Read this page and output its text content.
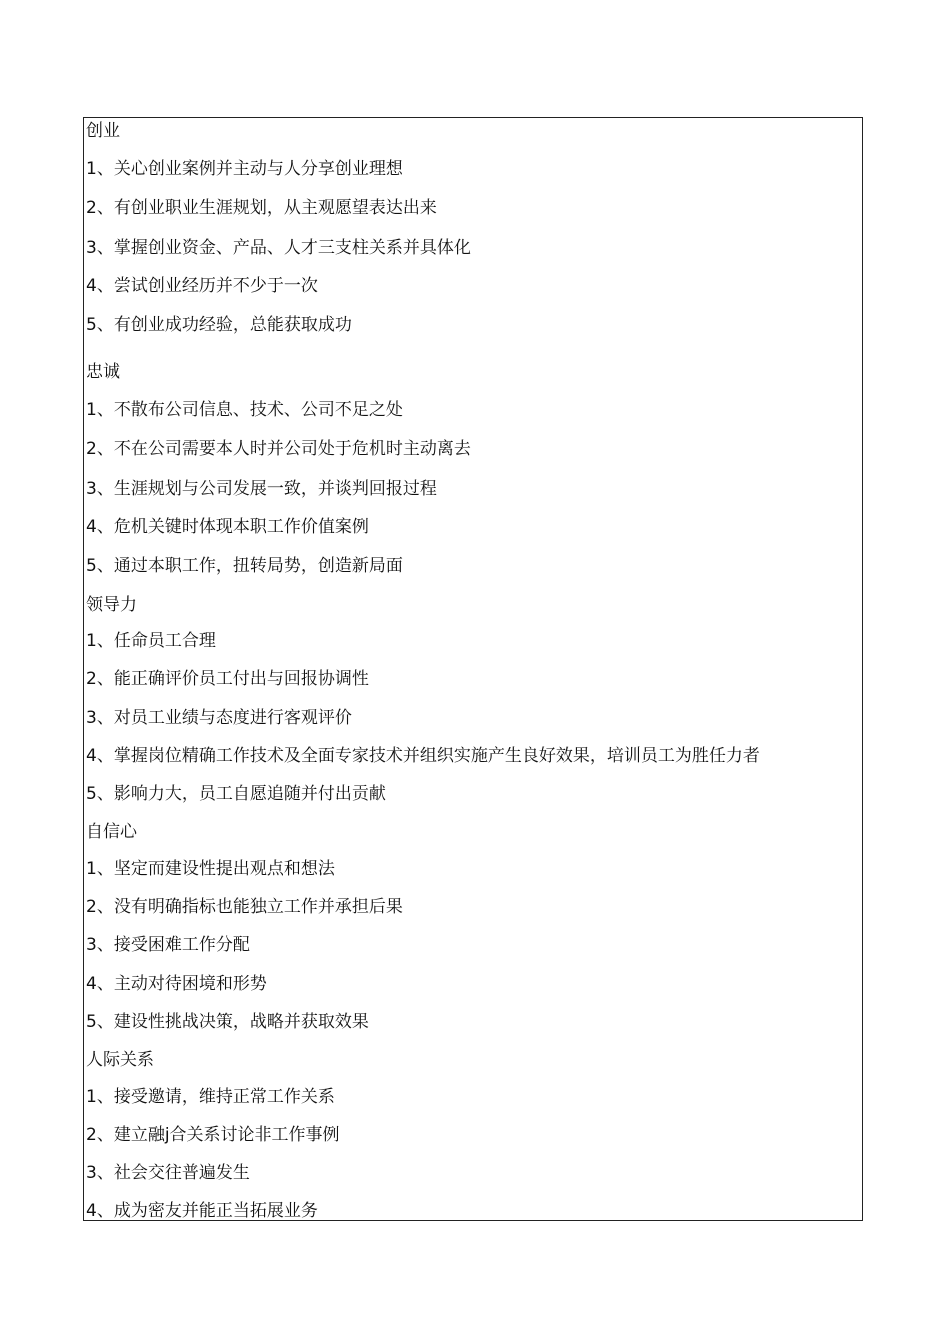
创业
1、关心创业案例并主动与人分享创业理想
2、有创业职业生涯规划，从主观愿望表达出来
3、掌握创业资金、产品、人才三支柱关系并具体化
4、尝试创业经历并不少于一次
5、有创业成功经验，总能获取成功
忠诚
1、不散布公司信息、技术、公司不足之处
2、不在公司需要本人时并公司处于危机时主动离去
3、生涯规划与公司发展一致，并谈判回报过程
4、危机关键时体现本职工作价值案例
5、通过本职工作，扭转局势，创造新局面
领导力
1、任命员工合理
2、能正确评价员工付出与回报协调性
3、对员工业绩与态度进行客观评价
4、掌握岗位精确工作技术及全面专家技术并组织实施产生良好效果，培训员工为胜任力者
5、影响力大，员工自愿追随并付出贡献
自信心
1、坚定而建设性提出观点和想法
2、没有明确指标也能独立工作并承担后果
3、接受困难工作分配
4、主动对待困境和形势
5、建设性挑战决策，战略并获取效果
人际关系
1、接受邀请，维持正常工作关系
2、建立融j合关系讨论非工作事例
3、社会交往普遍发生
4、成为密友并能正当拓展业务
